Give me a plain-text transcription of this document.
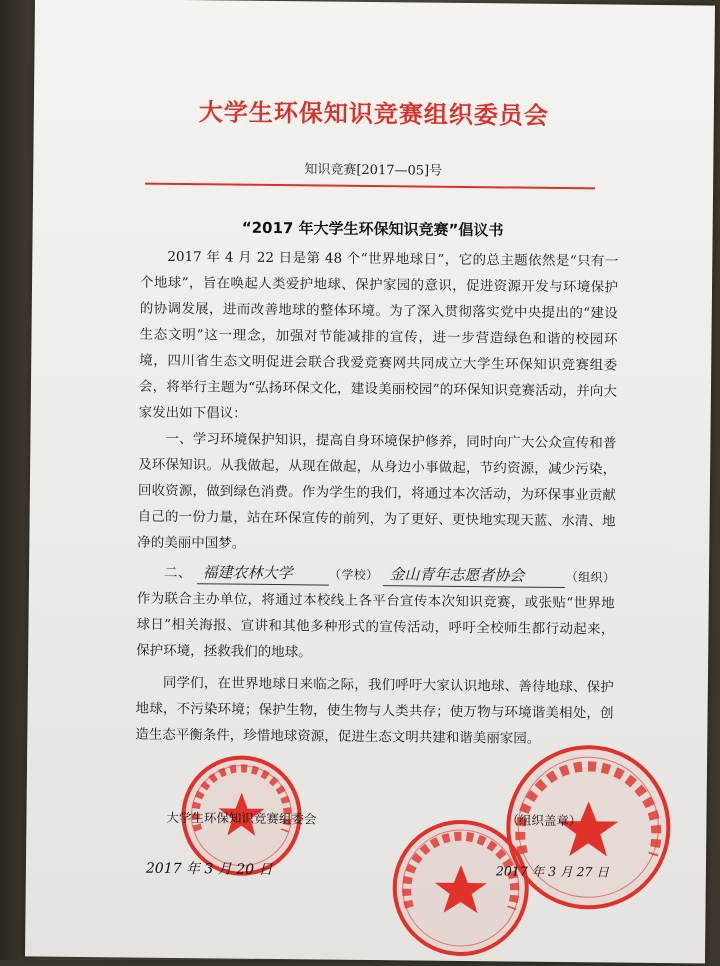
大学生环保知识竞赛组织委员会
知识竞赛[2017—05]号
“2017 年大学生环保知识竞赛”倡议书

2017 年 4 月 22 日是第 48 个“世界地球日”，它的总主题依然是“只有一个地球”，旨在唤起人类爱护地球、保护家园的意识，促进资源开发与环境保护的协调发展，进而改善地球的整体环境。为了深入贯彻落实党中央提出的“建设生态文明”这一理念，加强对节能减排的宣传，进一步营造绿色和谐的校园环境，四川省生态文明促进会联合我爱竞赛网共同成立大学生环保知识竞赛组委会，将举行主题为“弘扬环保文化，建设美丽校园”的环保知识竞赛活动，并向大家发出如下倡议：

一、学习环境保护知识，提高自身环境保护修养，同时向广大公众宣传和普及环保知识。从我做起，从现在做起，从身边小事做起，节约资源，减少污染，回收资源，做到绿色消费。作为学生的我们，将通过本次活动，为环保事业贡献自己的一份力量，站在环保宣传的前列，为了更好、更快地实现天蓝、水清、地净的美丽中国梦。

二、 福建农林大学	（学校） 金山青年志愿者协会	（组织） 作为联合主办单位，将通过本校线上各平台宣传本次知识竞赛，或张贴“世界地球日”相关海报、宣讲和其他多种形式的宣传活动，呼吁全校师生都行动起来，保护环境，拯救我们的地球。

同学们，在世界地球日来临之际，我们呼吁大家认识地球、善待地球、保护地球，不污染环境；保护生物，使生物与人类共存；使万物与环境谐美相处，创造生态平衡条件，珍惜地球资源，促进生态文明共建和谐美丽家园。

大学生环保知识竞赛组委会	（组织盖章）
2017 年 3 月 20 日	2017 年 3 月 27 日
